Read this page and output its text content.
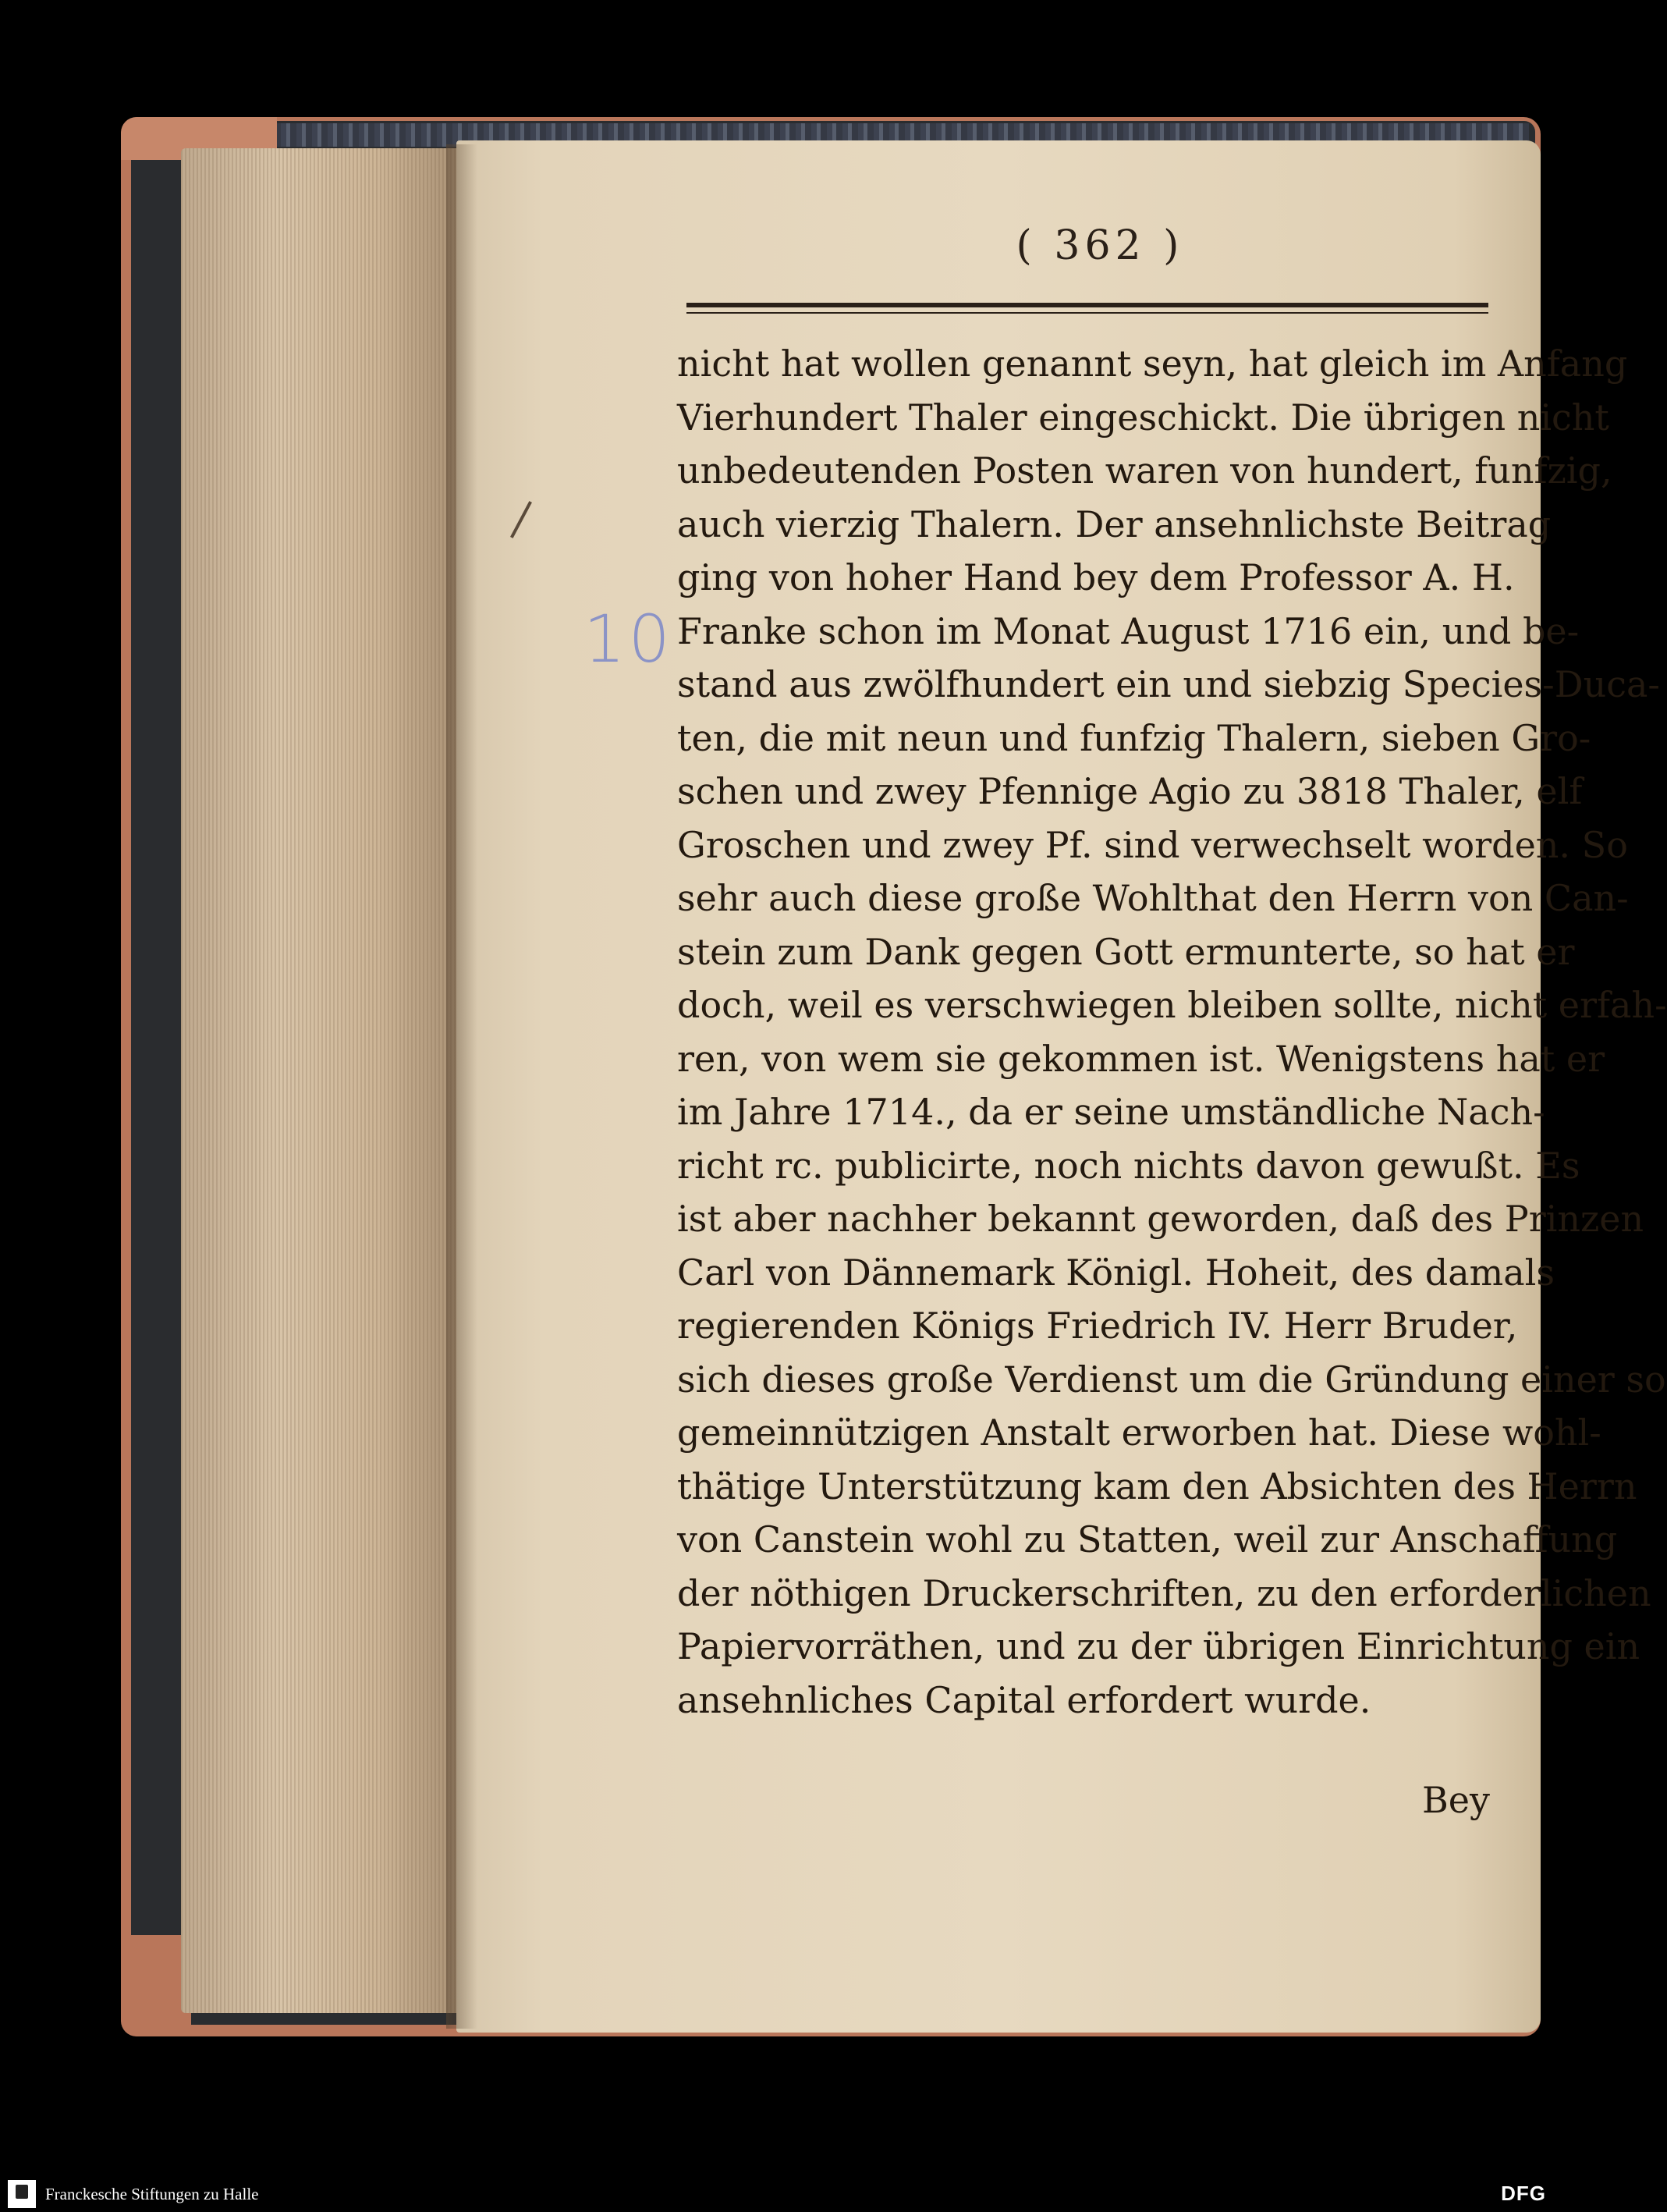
( 362 )
10
nicht hat wollen genannt seyn, hat gleich im Anfang
Vierhundert Thaler eingeschickt. Die übrigen nicht
unbedeutenden Posten waren von hundert, funfzig,
auch vierzig Thalern. Der ansehnlichste Beitrag
ging von hoher Hand bey dem Professor A. H.
Franke schon im Monat August 1716 ein, und be-
stand aus zwölfhundert ein und siebzig Species-Duca-
ten, die mit neun und funfzig Thalern, sieben Gro-
schen und zwey Pfennige Agio zu 3818 Thaler, elf
Groschen und zwey Pf. sind verwechselt worden. So
sehr auch diese große Wohlthat den Herrn von Can-
stein zum Dank gegen Gott ermunterte, so hat er
doch, weil es verschwiegen bleiben sollte, nicht erfah-
ren, von wem sie gekommen ist. Wenigstens hat er
im Jahre 1714., da er seine umständliche Nach-
richt rc. publicirte, noch nichts davon gewußt. Es
ist aber nachher bekannt geworden, daß des Prinzen
Carl von Dännemark Königl. Hoheit, des damals
regierenden Königs Friedrich IV. Herr Bruder,
sich dieses große Verdienst um die Gründung einer so
gemeinnützigen Anstalt erworben hat. Diese wohl-
thätige Unterstützung kam den Absichten des Herrn
von Canstein wohl zu Statten, weil zur Anschaffung
der nöthigen Druckerschriften, zu den erforderlichen
Papiervorräthen, und zu der übrigen Einrichtung ein
ansehnliches Capital erfordert wurde.
Bey
Franckesche Stiftungen zu Halle	DFG
